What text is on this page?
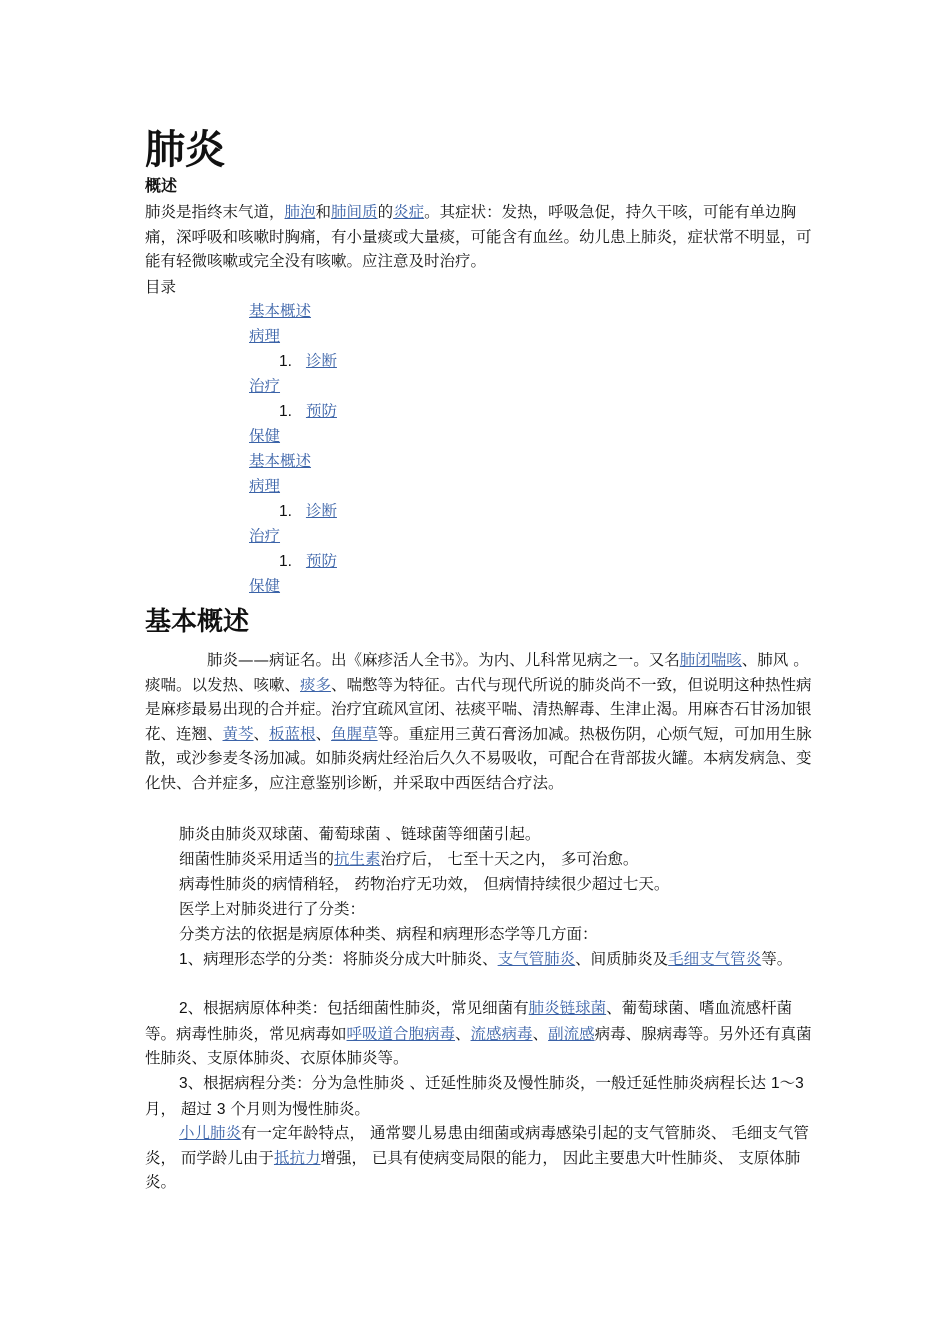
肺炎
概述

肺炎是指终末气道，肺泡和肺间质的炎症。其症状：发热，呼吸急促，持久干咳，可能有单边胸痛，深呼吸和咳嗽时胸痛，有小量痰或大量痰，可能含有血丝。幼儿患上肺炎，症状常不明显，可能有轻微咳嗽或完全没有咳嗽。应注意及时治疗。

目录
基本概述
病理
1. 诊断
治疗
1. 预防
保健
基本概述
病理
1. 诊断
治疗
1. 预防
保健
基本概述

肺炎——病证名。出《麻疹活人全书》。为内、儿科常见病之一。又名肺闭喘咳、肺风 。痰喘。以发热、咳嗽、痰多、喘憋等为特征。古代与现代所说的肺炎尚不一致，但说明这种热性病是麻疹最易出现的合并症。治疗宜疏风宣闭、祛痰平喘、清热解毒、生津止渴。用麻杏石甘汤加银花、连翘、黄芩、板蓝根、鱼腥草等。重症用三黄石膏汤加减。热极伤阴，心烦气短，可加用生脉散，或沙参麦冬汤加减。如肺炎病灶经治后久久不易吸收，可配合在背部拔火罐。本病发病急、变化快、合并症多，应注意鉴别诊断，并采取中西医结合疗法。

肺炎由肺炎双球菌、葡萄球菌 、链球菌等细菌引起。

细菌性肺炎采用适当的抗生素治疗后， 七至十天之内， 多可治愈。

病毒性肺炎的病情稍轻， 药物治疗无功效， 但病情持续很少超过七天。

医学上对肺炎进行了分类：

分类方法的依据是病原体种类、病程和病理形态学等几方面：

1、病理形态学的分类：将肺炎分成大叶肺炎、支气管肺炎、间质肺炎及毛细支气管炎等。

2、根据病原体种类：包括细菌性肺炎，常见细菌有肺炎链球菌、葡萄球菌、嗜血流感杆菌等。病毒性肺炎，常见病毒如呼吸道合胞病毒、流感病毒、副流感病毒、腺病毒等。另外还有真菌性肺炎、支原体肺炎、衣原体肺炎等。

3、根据病程分类：分为急性肺炎 、迁延性肺炎及慢性肺炎，一般迁延性肺炎病程长达 1～3 月， 超过 3 个月则为慢性肺炎。

小儿肺炎有一定年龄特点， 通常婴儿易患由细菌或病毒感染引起的支气管肺炎、 毛细支气管炎， 而学龄儿由于抵抗力增强， 已具有使病变局限的能力， 因此主要患大叶性肺炎、 支原体肺炎。
